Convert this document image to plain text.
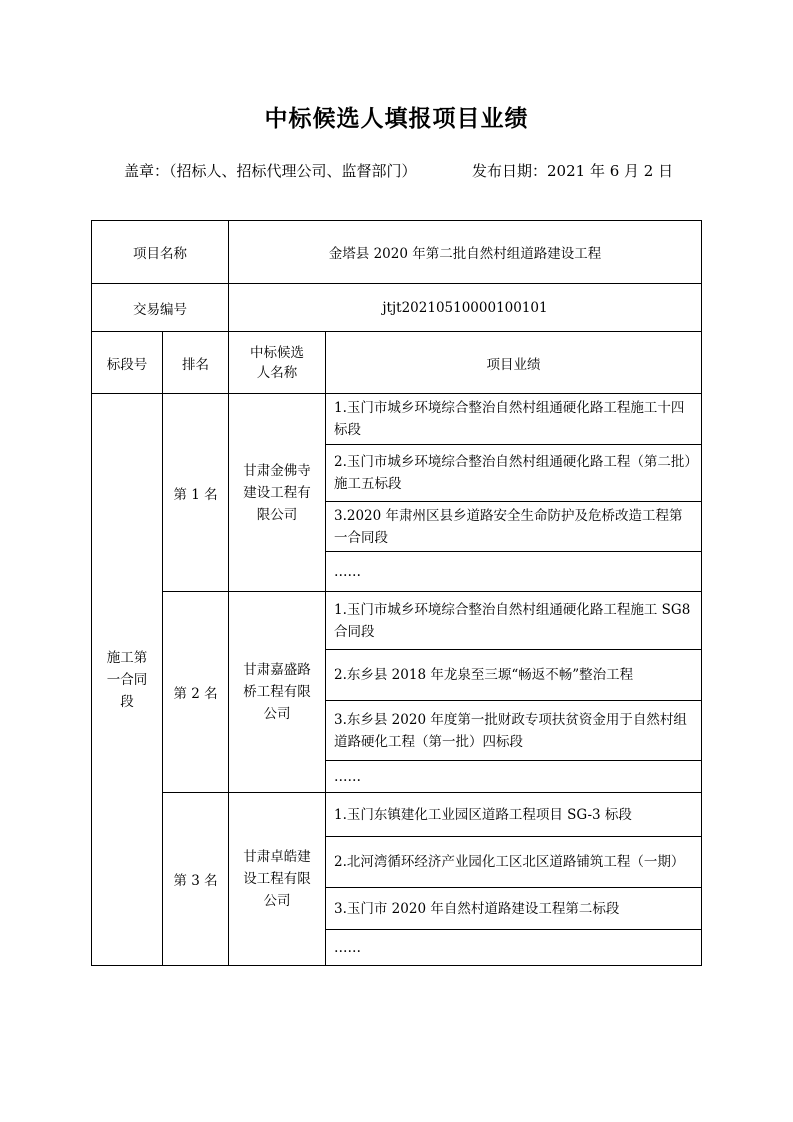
中标候选人填报项目业绩
盖章：（招标人、招标代理公司、监督部门）	发布日期：2021 年 6 月 2 日
项目名称		金塔县 2020 年第二批自然村组道路建设工程	
交易编号		jtjt20210510000100101	
标段号	排名	中标候选人名称	项目业绩
施工第一合同段	第 1 名	甘肃金佛寺建设工程有限公司	1.玉门市城乡环境综合整治自然村组通硬化路工程施工十四标段
			2.玉门市城乡环境综合整治自然村组通硬化路工程（第二批）施工五标段
			3.2020 年肃州区县乡道路安全生命防护及危桥改造工程第一合同段
			……
	第 2 名	甘肃嘉盛路桥工程有限公司	1.玉门市城乡环境综合整治自然村组通硬化路工程施工 SG8 合同段
			2.东乡县 2018 年龙泉至三塬“畅返不畅”整治工程
			3.东乡县 2020 年度第一批财政专项扶贫资金用于自然村组道路硬化工程（第一批）四标段
			……
	第 3 名	甘肃卓皓建设工程有限公司	1.玉门东镇建化工业园区道路工程项目 SG-3 标段
			2.北河湾循环经济产业园化工区北区道路铺筑工程（一期）
			3.玉门市 2020 年自然村道路建设工程第二标段
			……
